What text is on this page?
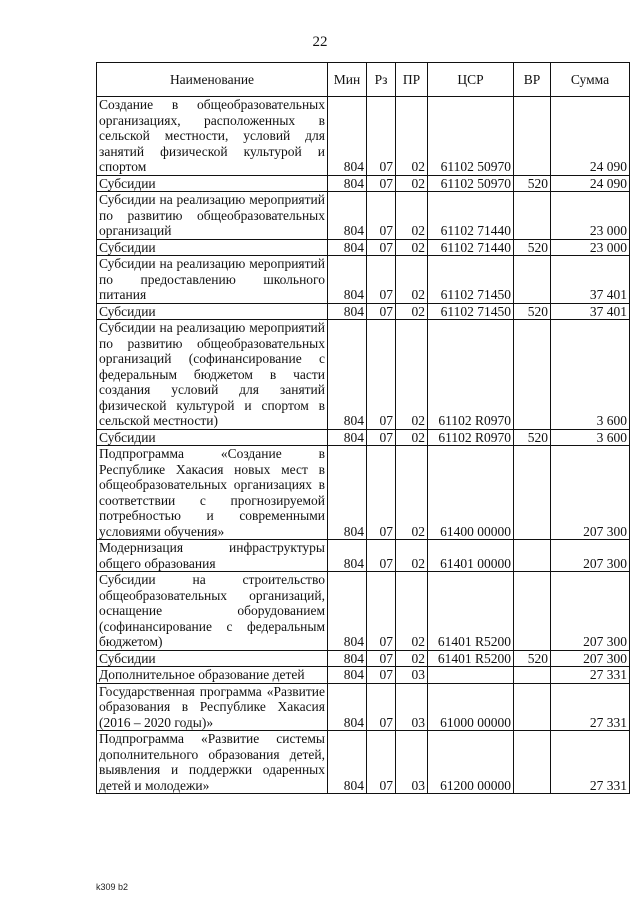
22
Наименование	Мин	Рз	ПР	ЦСР	ВР	Сумма
Создание в общеобразовательных организациях, расположенных в сельской местности, условий для занятий физической культурой и спортом	804	07	02	61102 50970		24 090
Субсидии	804	07	02	61102 50970	520	24 090
Субсидии на реализацию мероприятий по развитию общеобразовательных организаций	804	07	02	61102 71440		23 000
Субсидии	804	07	02	61102 71440	520	23 000
Субсидии на реализацию мероприятий по предоставлению школьного питания	804	07	02	61102 71450		37 401
Субсидии	804	07	02	61102 71450	520	37 401
Субсидии на реализацию мероприятий по развитию общеобразовательных организаций (софинансирование с федеральным бюджетом в части создания условий для занятий физической культурой и спортом в сельской местности)	804	07	02	61102 R0970		3 600
Субсидии	804	07	02	61102 R0970	520	3 600
Подпрограмма «Создание в Республике Хакасия новых мест в общеобразовательных организациях в соответствии с прогнозируемой потребностью и современными условиями обучения»	804	07	02	61400 00000		207 300
Модернизация инфраструктуры общего образования	804	07	02	61401 00000		207 300
Субсидии на строительство общеобразовательных организаций, оснащение оборудованием (софинансирование с федеральным бюджетом)	804	07	02	61401 R5200		207 300
Субсидии	804	07	02	61401 R5200	520	207 300
Дополнительное образование детей	804	07	03			27 331
Государственная программа «Развитие образования в Республике Хакасия (2016 – 2020 годы)»	804	07	03	61000 00000		27 331
Подпрограмма «Развитие системы дополнительного образования детей, выявления и поддержки одаренных детей и молодежи»	804	07	03	61200 00000		27 331
k309 b2
